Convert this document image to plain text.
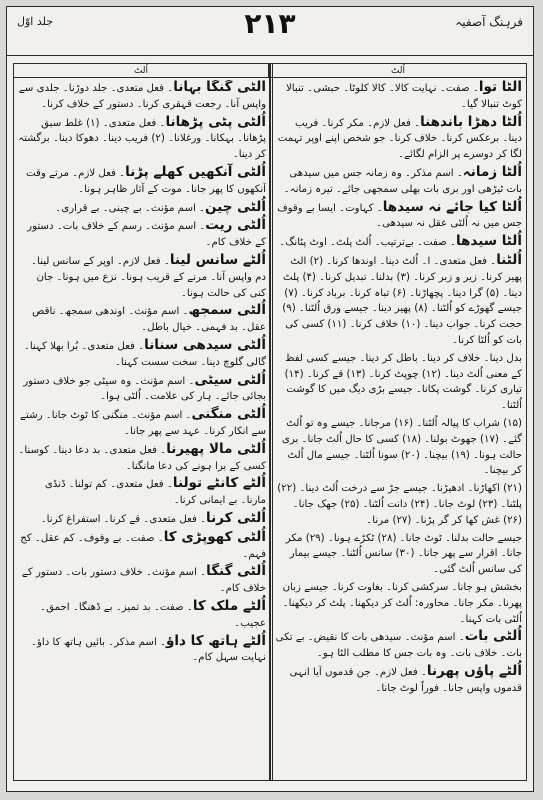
فرہنگ آصفیہ
۲۱۳
جلد اوّل
اُلٹ	اُلٹ

اُلٹا توا۔ صفت۔ نہایت کالا۔ کالا کلوٹا۔ حبشی۔ تنبالا کوٹ تنبالا گیا۔

اُلٹا دھڑا باندھنا۔ فعل لازم۔ مکر کرنا۔ فریب دینا۔ برعکس کرنا۔ خلاف کرنا۔ جو شخص اپنے اوپر تہمت لگا کر دوسرے پر الزام لگائے۔

اُلٹا زمانہ۔ اسم مذکر۔ وہ زمانہ جس میں سیدھی بات ٹیڑھی اور بری بات بھلی سمجھی جائے۔ تیرہ زمانہ۔

اُلٹا کیا جائے نہ سیدھا۔ کہاوت۔ ایسا بے وقوف جس میں نہ اُلٹی عقل نہ سیدھی۔

اُلٹا سیدھا۔ صفت۔ بےترتیب۔ اُلٹ پلٹ۔ اوٹ پٹانگ۔

اُلٹنا۔ فعل متعدی۔ ا۔ اُلٹ دینا۔ اوندھا کرنا۔ (۲) الٹ پھیر کرنا۔ زیر و زبر کرنا۔ (۳) بدلنا۔ تبدیل کرنا۔ (۴) پلٹ دینا۔ (۵) گرا دینا۔ پچھاڑنا۔ (۶) تباہ کرنا۔ برباد کرنا۔ (۷) جیسے گھوڑے کو اُلٹنا۔ (۸) پھیر دینا۔ جیسے ورق اُلٹنا۔ (۹) حجت کرنا۔ جواب دینا۔ (۱۰) خلاف کرنا۔ (۱۱) کسی کی بات کو اُلٹا کرنا۔

بدل دینا۔ خلاف کر دینا۔ باطل کر دینا۔ جیسے کسی لفظ کے معنی اُلٹ دینا۔ (۱۲) چوپٹ کرنا۔ (۱۳) قے کرنا۔ (۱۴) تیاری کرنا۔ گوشت پکانا۔ جیسے بڑی دیگ میں کا گوشت اُلٹنا۔

(۱۵) شراب کا پیالہ اُلٹنا۔ (۱۶) مرجانا۔ جیسے وہ تو اُلٹ گئے۔ (۱۷) جھوٹ بولنا۔ (۱۸) کسی کا حال اُلٹ جانا۔ بری حالت ہونا۔ (۱۹) بیچنا۔ (۲۰) سونا اُلٹنا۔ جیسے مال اُلٹ کر بیچنا۔

(۲۱) اکھاڑنا۔ ادھیڑنا۔ جیسے جڑ سے درخت اُلٹ دینا۔ (۲۲) پلٹنا۔ (۲۳) لوٹ جانا۔ (۲۴) دانت اُلٹنا۔ (۲۵) جھک جانا۔ (۲۶) غش کھا کر گر پڑنا۔ (۲۷) مرنا۔

جیسے حالت بدلنا۔ ٹوٹ جانا۔ (۲۸) ٹکڑے ہونا۔ (۲۹) مکر جانا۔ اقرار سے پھر جانا۔ (۳۰) سانس اُلٹنا۔ جیسے بیمار کی سانس اُلٹ گئی۔

بخشش ہو جانا۔ سرکشی کرنا۔ بغاوت کرنا۔ جیسے زبان پھرنا۔ مکر جانا۔ محاورہ: اُلٹ کر دیکھنا۔ پلٹ کر دیکھنا۔ اُلٹی بات کہنا۔

اُلٹی بات۔ اسم مؤنث۔ سیدھی بات کا نقیض۔ بے تکی بات۔ خلاف بات۔ وہ بات جس کا مطلب الٹا ہو۔

اُلٹے پاؤں پھرنا۔ فعل لازم۔ جن قدموں آیا انہی قدموں واپس جانا۔ فوراً لوٹ جانا۔

اُلٹی گنگا بہانا۔ فعل متعدی۔ جلد دوڑنا۔ جلدی سے واپس آنا۔ رجعت قہقری کرنا۔ دستور کے خلاف کرنا۔

اُلٹی پٹی پڑھانا۔ فعل متعدی۔ (۱) غلط سبق پڑھانا۔ بہکانا۔ ورغلانا۔ (۲) فریب دینا۔ دھوکا دینا۔ برگشتہ کر دینا۔

اُلٹی آنکھیں کھلے پڑنا۔ فعل لازم۔ مرتے وقت آنکھوں کا پھر جانا۔ موت کے آثار ظاہر ہونا۔

اُلٹی چین۔ اسم مؤنث۔ بے چینی۔ بے قراری۔

اُلٹی ریت۔ اسم مؤنث۔ رسم کے خلاف بات۔ دستور کے خلاف کام۔

اُلٹے سانس لینا۔ فعل لازم۔ اوپر کے سانس لینا۔ دم واپس آنا۔ مرنے کے قریب ہونا۔ نزع میں ہونا۔ جان کنی کی حالت ہونا۔

اُلٹی سمجھ۔ اسم مؤنث۔ اوندھی سمجھ۔ ناقص عقل۔ بد فہمی۔ خیال باطل۔

اُلٹی سیدھی سنانا۔ فعل متعدی۔ بُرا بھلا کہنا۔ گالی گلوچ دینا۔ سخت سست کہنا۔

اُلٹی سیٹی۔ اسم مؤنث۔ وہ سیٹی جو خلاف دستور بجائی جائے۔ ہار کی علامت۔ اُلٹی ہوا۔

اُلٹی منگنی۔ اسم مؤنث۔ منگنی کا ٹوٹ جانا۔ رشتے سے انکار کرنا۔ عہد سے پھر جانا۔

اُلٹی مالا پھیرنا۔ فعل متعدی۔ بد دعا دینا۔ کوسنا۔ کسی کے برا ہونے کی دعا مانگنا۔

اُلٹے کانٹے تولنا۔ فعل متعدی۔ کم تولنا۔ ڈنڈی مارنا۔ بے ایمانی کرنا۔

اُلٹی کرنا۔ فعل متعدی۔ قے کرنا۔ استفراغ کرنا۔

اُلٹی کھوپڑی کا۔ صفت۔ بے وقوف۔ کم عقل۔ کج فہم۔

اُلٹی گنگا۔ اسم مؤنث۔ خلاف دستور بات۔ دستور کے خلاف کام۔

اُلٹے ملک کا۔ صفت۔ بد تمیز۔ بے ڈھنگا۔ احمق۔ عجیب۔

اُلٹے ہاتھ کا داؤ۔ اسم مذکر۔ بائیں ہاتھ کا داؤ۔ نہایت سہل کام۔
